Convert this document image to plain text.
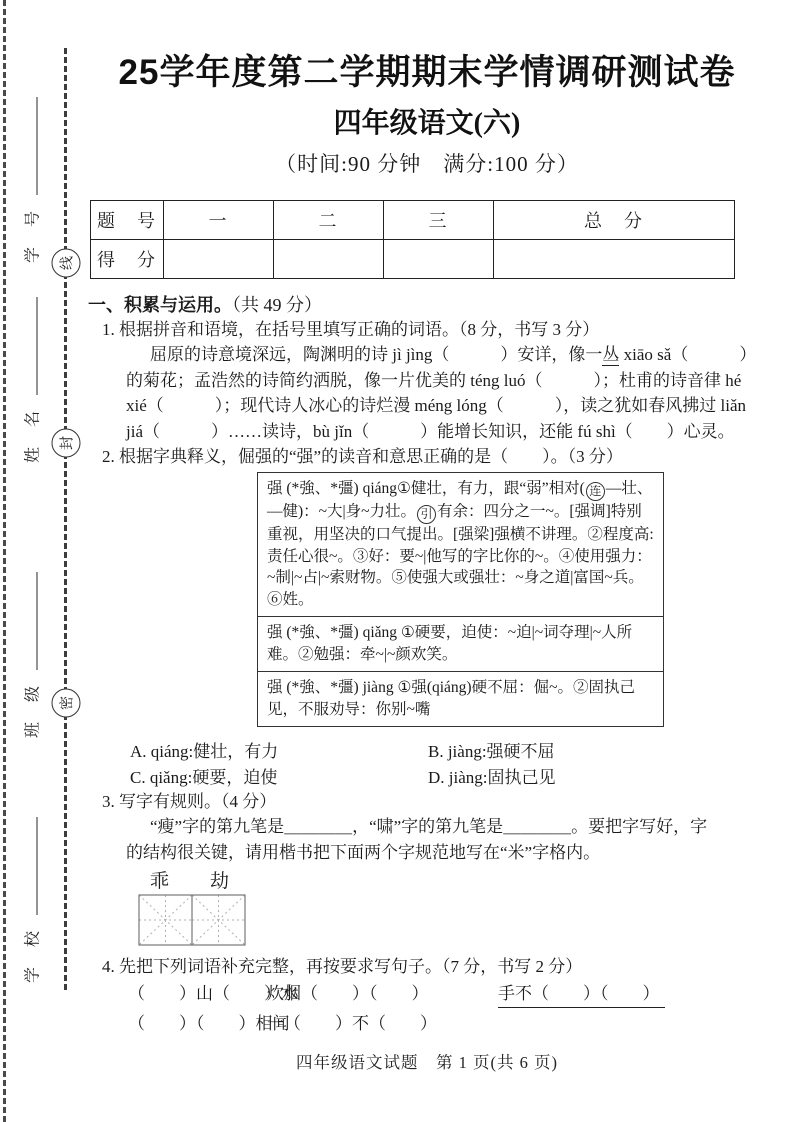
学　号
姓　名
班　级
学　校
线
封
密
25学年度第二学期期末学情调研测试卷
四年级语文(六)
（时间:90 分钟　满分:100 分）
题　号	一	二	三	总　分
得　分				
一、积累与运用。（共 49 分）
1. 根据拼音和语境，在括号里填写正确的词语。（8 分，书写 3 分）
屈原的诗意境深远，陶渊明的诗 jì jìng（　　　）安详，像一丛 xiāo sǎ（　　　）
的菊花；孟浩然的诗简约洒脱，像一片优美的 téng luó（　　　）；杜甫的诗音律 hé
xié（　　　）；现代诗人冰心的诗烂漫 méng lóng（　　　），读之犹如春风拂过 liǎn
jiá（　　　）……读诗，bù jǐn（　　　）能增长知识，还能 fú shì（　　）心灵。
2. 根据字典释义，倔强的“强”的读音和意思正确的是（　　）。（3 分）
强 (*強、*彊) qiáng①健壮，有力，跟“弱”相对( 连 —壮、—健)：~大|身~力壮。 引 有余：四分之一~。[强调]特别重视，用坚决的口气提出。[强梁]强横不讲理。②程度高:责任心很~。③好：要~|他写的字比你的~。④使用强力：~制|~占|~索财物。⑤使强大或强壮：~身之道|富国~兵。⑥姓。
强 (*強、*彊) qiǎng ①硬要，迫使：~迫|~词夺理|~人所难。②勉强：牵~|~颜欢笑。
强 (*強、*彊) jiàng ①强(qiáng)硬不屈：倔~。②固执己见，不服劝导：你别~嘴
A. qiáng:健壮，有力	B. jiàng:强硬不屈
C. qiǎng:硬要，迫使	D. jiàng:固执己见
3. 写字有规则。（4 分）
“瘦”字的第九笔是＿＿＿＿，“啸”字的第九笔是＿＿＿＿。要把字写好，字
的结构很关键，请用楷书把下面两个字规范地写在“米”字格内。
乖 劫
4. 先把下列词语补充完整，再按要求写句子。（7 分，书写 2 分）
（　　）山（　　）水
炊烟（　　）（　　）	手不（　　）（　　）
（　　）（　　）相闻
一（　　）不（　　）
四年级语文试题　第 1 页(共 6 页)
